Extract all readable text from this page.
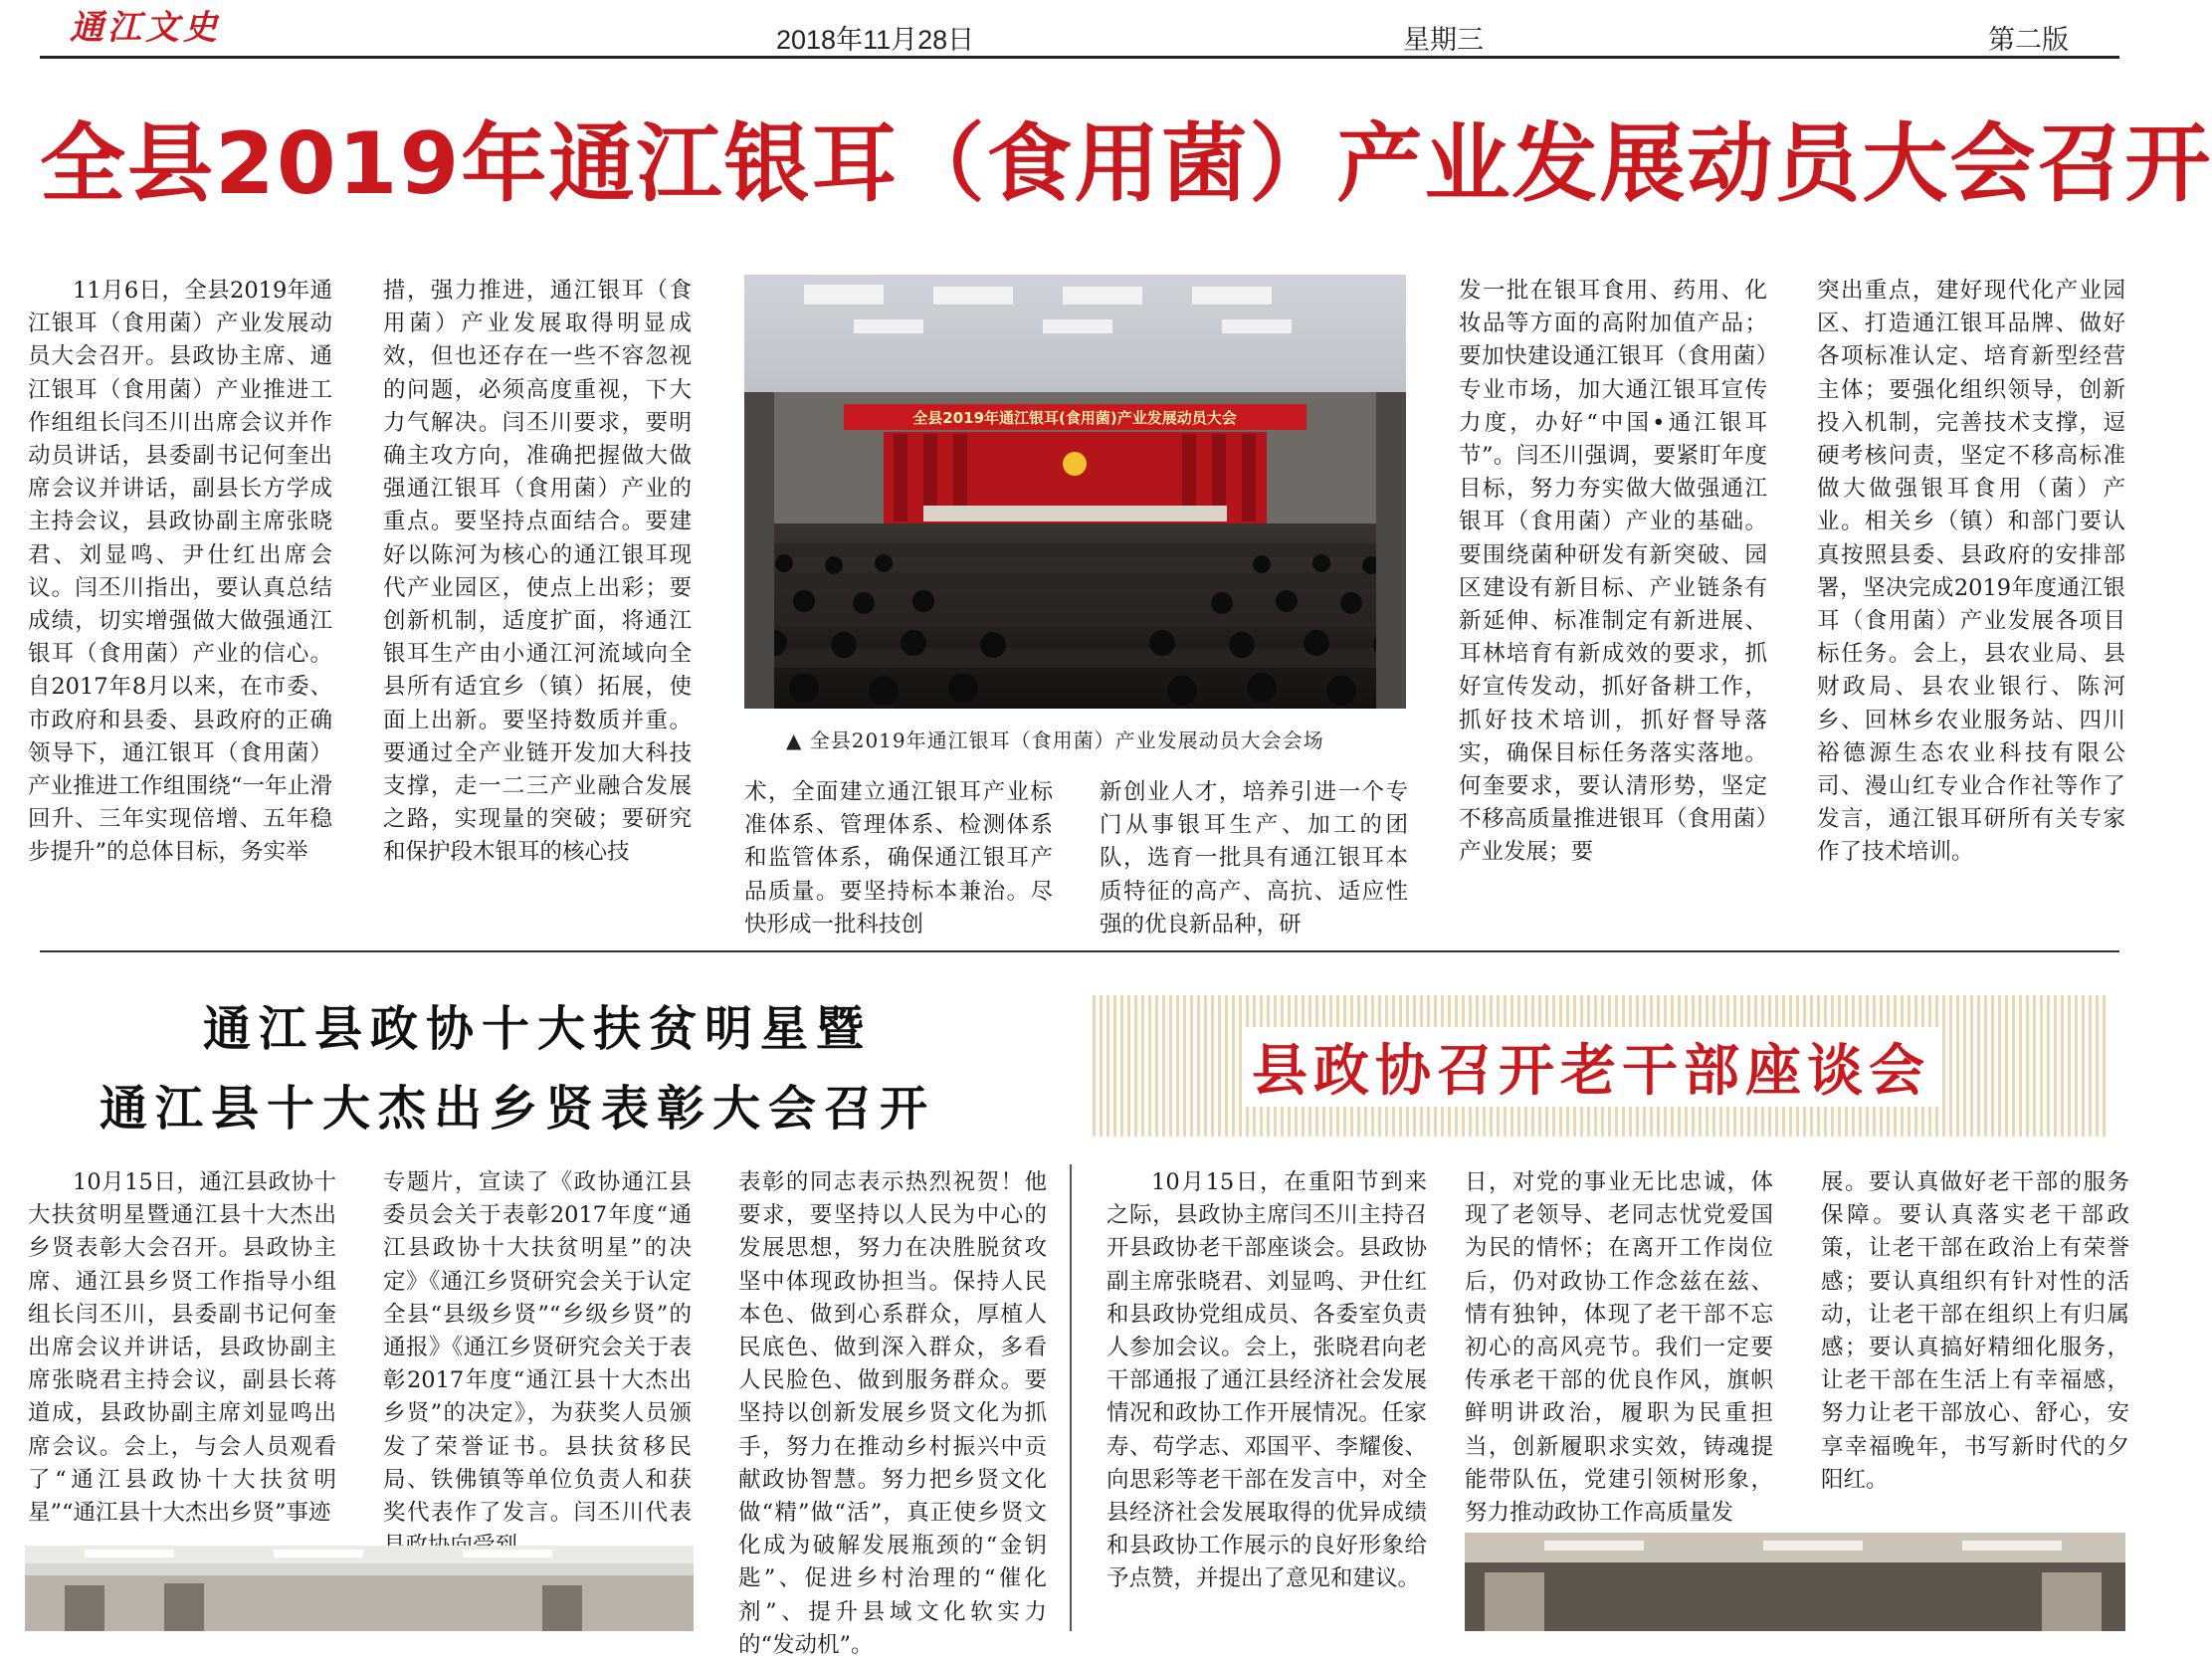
通江文史	2018年11月28日	星期三	第二版
全县2019年通江银耳（食用菌）产业发展动员大会召开

11月6日，全县2019年通江银耳（食用菌）产业发展动员大会召开。县政协主席、通江银耳（食用菌）产业推进工作组组长闫丕川出席会议并作动员讲话，县委副书记何奎出席会议并讲话，副县长方学成主持会议，县政协副主席张晓君、刘显鸣、尹仕红出席会议。闫丕川指出，要认真总结成绩，切实增强做大做强通江银耳（食用菌）产业的信心。自2017年8月以来，在市委、市政府和县委、县政府的正确领导下，通江银耳（食用菌）产业推进工作组围绕“一年止滑回升、三年实现倍增、五年稳步提升”的总体目标，务实举

措，强力推进，通江银耳（食用菌）产业发展取得明显成效，但也还存在一些不容忽视的问题，必须高度重视，下大力气解决。闫丕川要求，要明确主攻方向，准确把握做大做强通江银耳（食用菌）产业的重点。要坚持点面结合。要建好以陈河为核心的通江银耳现代产业园区，使点上出彩；要创新机制，适度扩面，将通江银耳生产由小通江河流域向全县所有适宜乡（镇）拓展，使面上出新。要坚持数质并重。要通过全产业链开发加大科技支撑，走一二三产业融合发展之路，实现量的突破；要研究和保护段木银耳的核心技

全县2019年通江银耳(食用菌)产业发展动员大会
▲ 全县2019年通江银耳（食用菌）产业发展动员大会会场

术，全面建立通江银耳产业标准体系、管理体系、检测体系和监管体系，确保通江银耳产品质量。要坚持标本兼治。尽快形成一批科技创

新创业人才，培养引进一个专门从事银耳生产、加工的团队，选育一批具有通江银耳本质特征的高产、高抗、适应性强的优良新品种，研

发一批在银耳食用、药用、化妆品等方面的高附加值产品；要加快建设通江银耳（食用菌）专业市场，加大通江银耳宣传力度，办好“中国•通江银耳节”。闫丕川强调，要紧盯年度目标，努力夯实做大做强通江银耳（食用菌）产业的基础。要围绕菌种研发有新突破、园区建设有新目标、产业链条有新延伸、标准制定有新进展、耳林培育有新成效的要求，抓好宣传发动，抓好备耕工作，抓好技术培训，抓好督导落实，确保目标任务落实落地。何奎要求，要认清形势，坚定不移高质量推进银耳（食用菌）产业发展；要

突出重点，建好现代化产业园区、打造通江银耳品牌、做好各项标准认定、培育新型经营主体；要强化组织领导，创新投入机制，完善技术支撑，逗硬考核问责，坚定不移高标准做大做强银耳食用（菌）产业。相关乡（镇）和部门要认真按照县委、县政府的安排部署，坚决完成2019年度通江银耳（食用菌）产业发展各项目标任务。会上，县农业局、县财政局、县农业银行、陈河乡、回林乡农业服务站、四川裕德源生态农业科技有限公司、漫山红专业合作社等作了发言，通江银耳研所有关专家作了技术培训。

通江县政协十大扶贫明星暨
通江县十大杰出乡贤表彰大会召开
县政协召开老干部座谈会

10月15日，通江县政协十大扶贫明星暨通江县十大杰出乡贤表彰大会召开。县政协主席、通江县乡贤工作指导小组组长闫丕川，县委副书记何奎出席会议并讲话，县政协副主席张晓君主持会议，副县长蒋道成，县政协副主席刘显鸣出席会议。会上，与会人员观看了“通江县政协十大扶贫明星”“通江县十大杰出乡贤”事迹

专题片，宣读了《政协通江县委员会关于表彰2017年度“通江县政协十大扶贫明星”的决定》《通江乡贤研究会关于认定全县“县级乡贤”“乡级乡贤”的通报》《通江乡贤研究会关于表彰2017年度“通江县十大杰出乡贤”的决定》，为获奖人员颁发了荣誉证书。县扶贫移民局、铁佛镇等单位负责人和获奖代表作了发言。闫丕川代表

表彰的同志表示热烈祝贺！他要求，要坚持以人民为中心的发展思想，努力在决胜脱贫攻坚中体现政协担当。保持人民本色、做到心系群众，厚植人民底色、做到深入群众，多看人民脸色、做到服务群众。要坚持以创新发展乡贤文化为抓手，努力在推动乡村振兴中贡献政协智慧。努力把乡贤文化做“精”做“活”，真正使乡贤文化成为破解发展瓶颈的“金钥匙”、促进乡村治理的“催化剂”、提升县域文化软实力的“发动机”。

10月15日，在重阳节到来之际，县政协主席闫丕川主持召开县政协老干部座谈会。县政协副主席张晓君、刘显鸣、尹仕红和县政协党组成员、各委室负责人参加会议。会上，张晓君向老干部通报了通江县经济社会发展情况和政协工作开展情况。任家寿、苟学志、邓国平、李耀俊、向思彩等老干部在发言中，对全县经济社会发展取得的优异成绩和县政协工作展示的良好形象给予点赞，并提出了意见和建议。

日，对党的事业无比忠诚，体现了老领导、老同志忧党爱国为民的情怀；在离开工作岗位后，仍对政协工作念兹在兹、情有独钟，体现了老干部不忘初心的高风亮节。我们一定要传承老干部的优良作风，旗帜鲜明讲政治，履职为民重担当，创新履职求实效，铸魂提能带队伍，党建引领树形象，努力推动政协工作高质量发

展。要认真做好老干部的服务保障。要认真落实老干部政策，让老干部在政治上有荣誉感；要认真组织有针对性的活动，让老干部在组织上有归属感；要认真搞好精细化服务，让老干部在生活上有幸福感，努力让老干部放心、舒心，安享幸福晚年，书写新时代的夕阳红。
